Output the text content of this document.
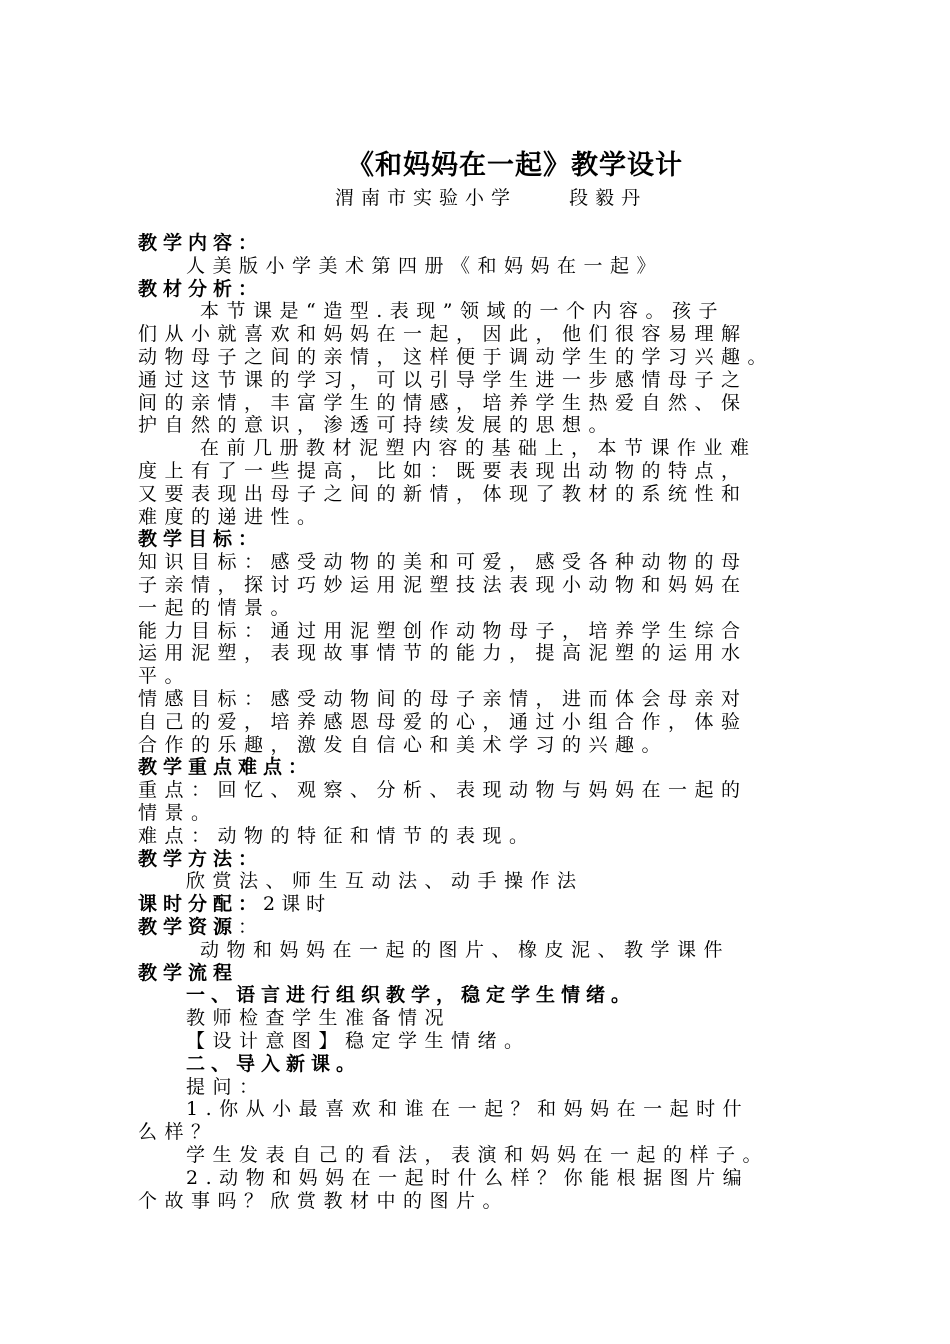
《和妈妈在一起》教学设计
渭南市实验小学    段毅丹
教学内容：
人美版小学美术第四册《和妈妈在一起》
教材分析：
本节课是“造型.表现”领域的一个内容。孩子
们从小就喜欢和妈妈在一起，因此，他们很容易理解
动物母子之间的亲情，这样便于调动学生的学习兴趣。
通过这节课的学习，可以引导学生进一步感情母子之
间的亲情，丰富学生的情感，培养学生热爱自然、保
护自然的意识，渗透可持续发展的思想。
在前几册教材泥塑内容的基础上，本节课作业难
度上有了一些提高，比如：既要表现出动物的特点，
又要表现出母子之间的新情，体现了教材的系统性和
难度的递进性。
教学目标：
知识目标：感受动物的美和可爱，感受各种动物的母
子亲情，探讨巧妙运用泥塑技法表现小动物和妈妈在
一起的情景。
能力目标：通过用泥塑创作动物母子，培养学生综合
运用泥塑，表现故事情节的能力，提高泥塑的运用水
平。
情感目标：感受动物间的母子亲情，进而体会母亲对
自己的爱，培养感恩母爱的心，通过小组合作，体验
合作的乐趣，激发自信心和美术学习的兴趣。
教学重点难点：
重点：回忆、观察、分析、表现动物与妈妈在一起的
情景。
难点：动物的特征和情节的表现。
教学方法：
欣赏法、师生互动法、动手操作法
课时分配：2课时
教学资源：
动物和妈妈在一起的图片、橡皮泥、教学课件
教学流程
一、语言进行组织教学，稳定学生情绪。
教师检查学生准备情况
【设计意图】稳定学生情绪。
二、导入新课。
提问：
1.你从小最喜欢和谁在一起？和妈妈在一起时什
么样？
学生发表自己的看法，表演和妈妈在一起的样子。
2.动物和妈妈在一起时什么样？你能根据图片编
个故事吗？欣赏教材中的图片。
